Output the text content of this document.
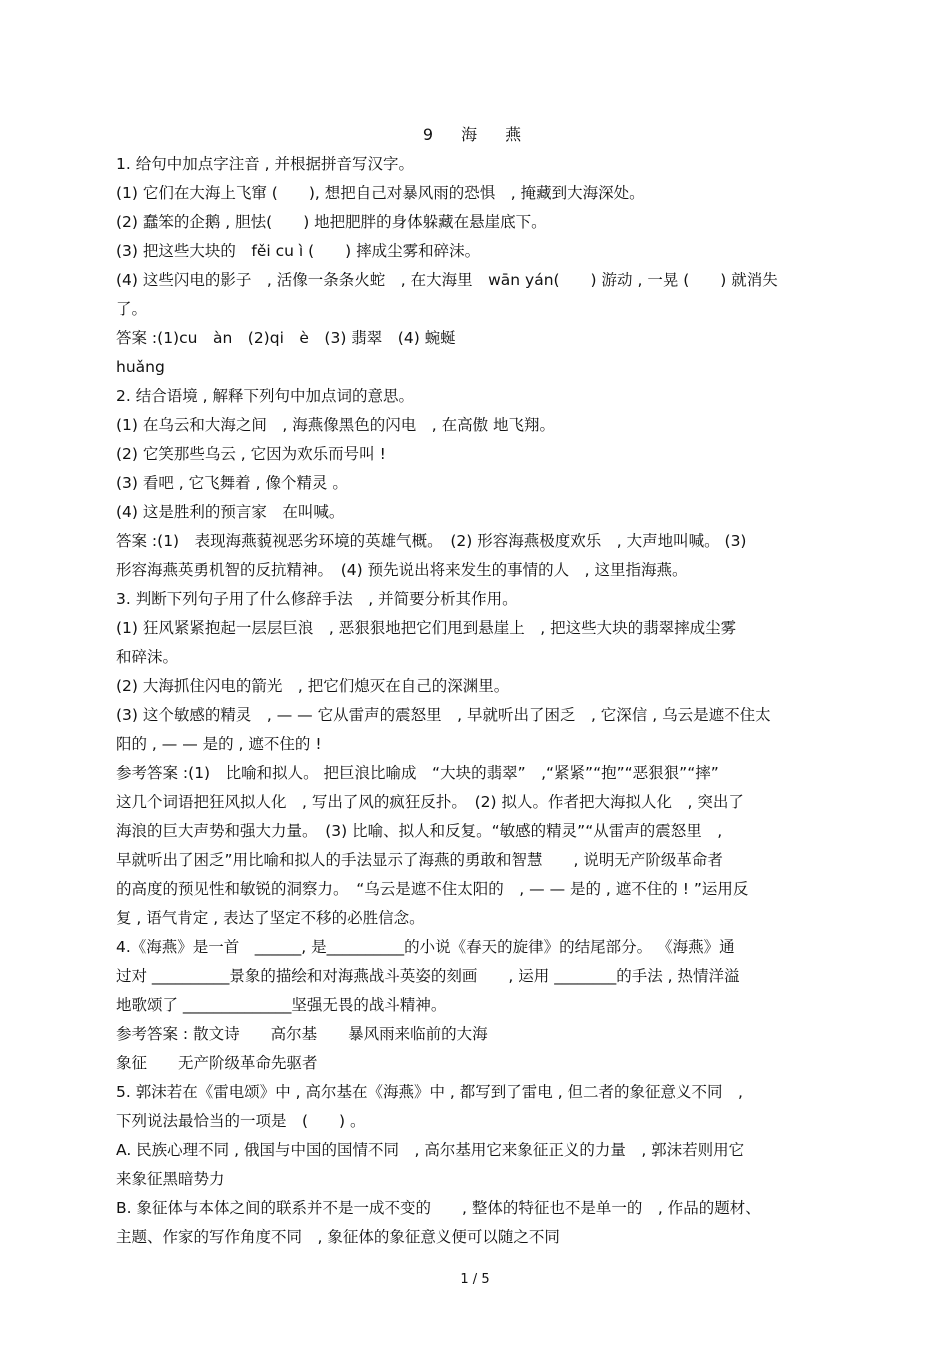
9　海　燕
1. 给句中加点字注音 , 并根据拼音写汉字。
(1) 它们在大海上飞窜 (　　), 想把自己对暴风雨的恐惧　, 掩藏到大海深处。
(2) 蠢笨的企鹅 , 胆怯(　　) 地把肥胖的身体躲藏在悬崖底下。
(3) 把这些大块的　fěi cu ì (　　) 摔成尘雾和碎沫。
(4) 这些闪电的影子　, 活像一条条火蛇　, 在大海里　wān yán(　　) 游动 , 一晃 (　　) 就消失
了。
答案 :(1)cu　àn　(2)qi　è　(3) 翡翠　(4) 蜿蜒
huǎng
2. 结合语境 , 解释下列句中加点词的意思。
(1) 在乌云和大海之间　, 海燕像黑色的闪电　, 在高傲 地飞翔。
(2) 它笑那些乌云 , 它因为欢乐而号叫 !
(3) 看吧 , 它飞舞着 , 像个精灵 。
(4) 这是胜利的预言家　在叫喊。
答案 :(1)　表现海燕藐视恶劣环境的英雄气概。　(2) 形容海燕极度欢乐　, 大声地叫喊。 (3)
形容海燕英勇机智的反抗精神。　(4) 预先说出将来发生的事情的人　, 这里指海燕。
3. 判断下列句子用了什么修辞手法　, 并简要分析其作用。
(1) 狂风紧紧抱起一层层巨浪　, 恶狠狠地把它们甩到悬崖上　, 把这些大块的翡翠摔成尘雾
和碎沫。
(2) 大海抓住闪电的箭光　, 把它们熄灭在自己的深渊里。
(3) 这个敏感的精灵　, — — 它从雷声的震怒里　, 早就听出了困乏　, 它深信 , 乌云是遮不住太
阳的 , — — 是的 , 遮不住的 !
参考答案 :(1)　比喻和拟人。 把巨浪比喻成　“大块的翡翠”　,“紧紧”“抱”“恶狠狠”“摔”
这几个词语把狂风拟人化　, 写出了风的疯狂反扑。　(2) 拟人。作者把大海拟人化　, 突出了
海浪的巨大声势和强大力量。　(3) 比喻、拟人和反复。“敏感的精灵”“从雷声的震怒里　,
早就听出了困乏”用比喻和拟人的手法显示了海燕的勇敢和智慧　　, 说明无产阶级革命者
的高度的预见性和敏锐的洞察力。　“乌云是遮不住太阳的　, — — 是的 , 遮不住的 ! ”运用反
复 , 语气肯定 , 表达了坚定不移的必胜信念。
4.《海燕》是一首　______, 是__________的小说《春天的旋律》的结尾部分。 《海燕》通
过对 __________景象的描绘和对海燕战斗英姿的刻画　　, 运用 ________的手法 , 热情洋溢
地歌颂了 ______________坚强无畏的战斗精神。
参考答案 : 散文诗　　高尔基　　暴风雨来临前的大海
象征　　无产阶级革命先驱者
5. 郭沫若在《雷电颂》中 , 高尔基在《海燕》中 , 都写到了雷电 , 但二者的象征意义不同　,
下列说法最恰当的一项是　(　　) 。
A. 民族心理不同 , 俄国与中国的国情不同　, 高尔基用它来象征正义的力量　, 郭沫若则用它
来象征黑暗势力
B. 象征体与本体之间的联系并不是一成不变的　　, 整体的特征也不是单一的　, 作品的题材、
主题、作家的写作角度不同　, 象征体的象征意义便可以随之不同
1 / 5
